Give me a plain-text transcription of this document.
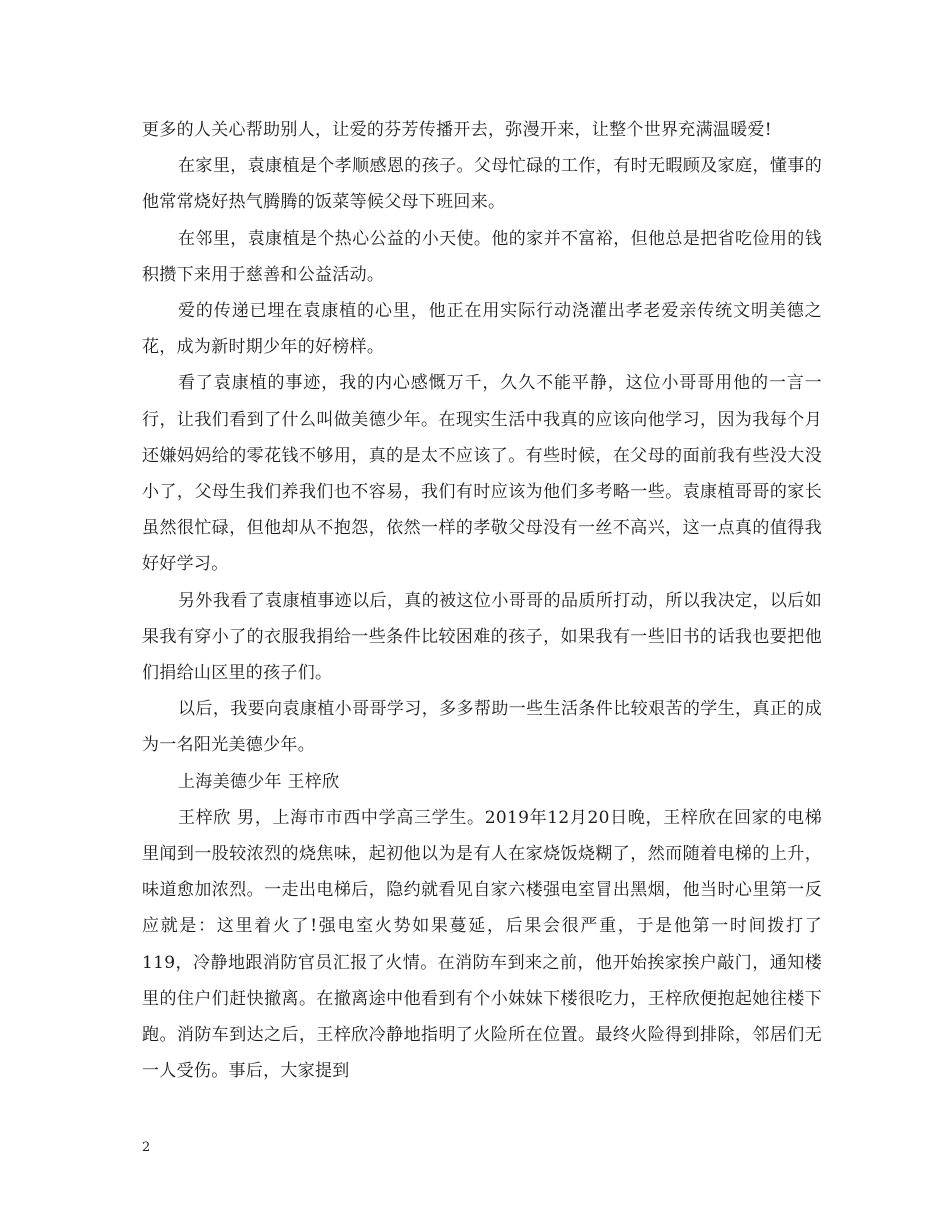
更多的人关心帮助别人，让爱的芬芳传播开去，弥漫开来，让整个世界充满温暖爱!

在家里，袁康植是个孝顺感恩的孩子。父母忙碌的工作，有时无暇顾及家庭，懂事的他常常烧好热气腾腾的饭菜等候父母下班回来。

在邻里，袁康植是个热心公益的小天使。他的家并不富裕，但他总是把省吃俭用的钱积攒下来用于慈善和公益活动。

爱的传递已埋在袁康植的心里，他正在用实际行动浇灌出孝老爱亲传统文明美德之花，成为新时期少年的好榜样。

看了袁康植的事迹，我的内心感慨万千，久久不能平静，这位小哥哥用他的一言一行，让我们看到了什么叫做美德少年。在现实生活中我真的应该向他学习，因为我每个月还嫌妈妈给的零花钱不够用，真的是太不应该了。有些时候，在父母的面前我有些没大没小了，父母生我们养我们也不容易，我们有时应该为他们多考略一些。袁康植哥哥的家长虽然很忙碌，但他却从不抱怨，依然一样的孝敬父母没有一丝不高兴，这一点真的值得我好好学习。

另外我看了袁康植事迹以后，真的被这位小哥哥的品质所打动，所以我决定，以后如果我有穿小了的衣服我捐给一些条件比较困难的孩子，如果我有一些旧书的话我也要把他们捐给山区里的孩子们。

以后，我要向袁康植小哥哥学习，多多帮助一些生活条件比较艰苦的学生，真正的成为一名阳光美德少年。

上海美德少年 王梓欣

王梓欣 男，上海市市西中学高三学生。2019年12月20日晚，王梓欣在回家的电梯里闻到一股较浓烈的烧焦味，起初他以为是有人在家烧饭烧糊了，然而随着电梯的上升，味道愈加浓烈。一走出电梯后，隐约就看见自家六楼强电室冒出黑烟，他当时心里第一反应就是：这里着火了!强电室火势如果蔓延，后果会很严重，于是他第一时间拨打了119，冷静地跟消防官员汇报了火情。在消防车到来之前，他开始挨家挨户敲门，通知楼里的住户们赶快撤离。在撤离途中他看到有个小妹妹下楼很吃力，王梓欣便抱起她往楼下跑。消防车到达之后，王梓欣冷静地指明了火险所在位置。最终火险得到排除，邻居们无一人受伤。事后，大家提到

2
